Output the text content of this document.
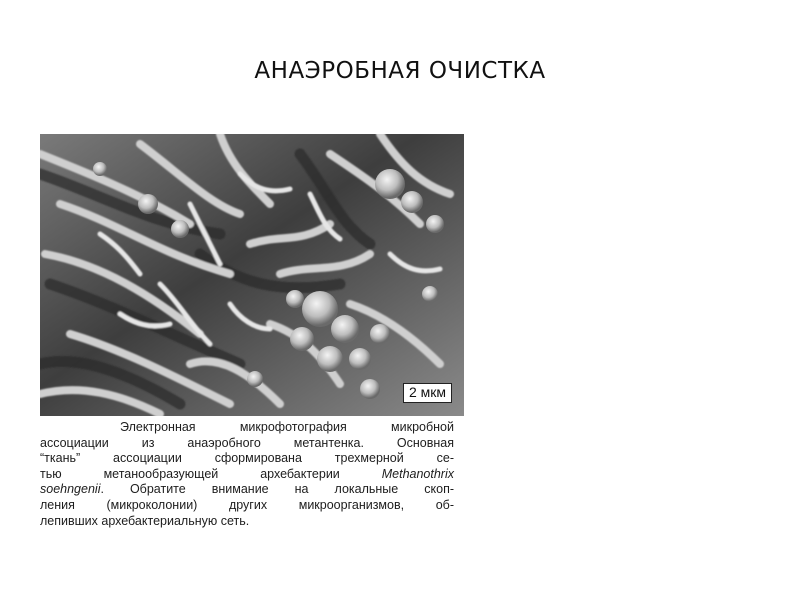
АНАЭРОБНАЯ ОЧИСТКА
2 мкм
Электронная микрофотография микробной
ассоциации из анаэробного метантенка. Основная
“ткань” ассоциации сформирована трехмерной се-
тью метанообразующей архебактерии Methanothrix
soehngenii. Обратите внимание на локальные скоп-
ления (микроколонии) других микроорганизмов, об-
лепивших архебактериальную сеть.
